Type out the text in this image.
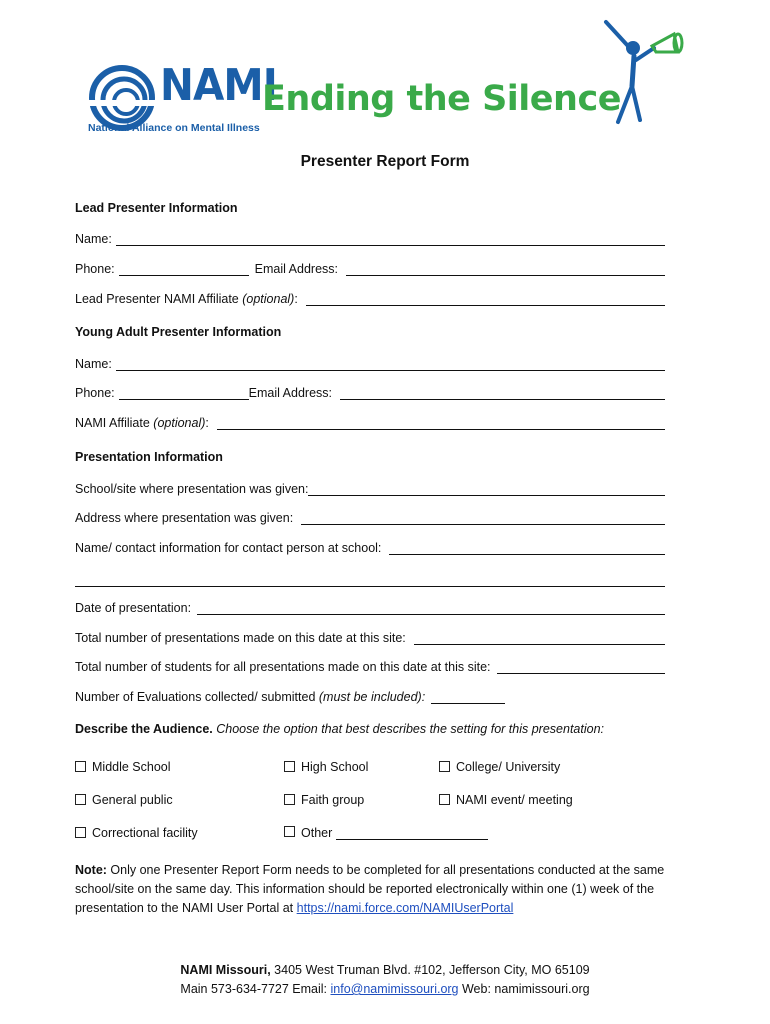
NAMI
Ending the Silence
National Alliance on Mental Illness
Presenter Report Form
Lead Presenter Information
Name:
Phone:	Email Address:
Lead Presenter NAMI Affiliate (optional) :
Young Adult Presenter Information
Name:
Phone:	Email Address:
NAMI Affiliate (optional) :
Presentation Information
School/site where presentation was given:
Address where presentation was given:
Name/ contact information for contact person at school:
Date of presentation:
Total number of presentations made on this date at this site:
Total number of students for all presentations made on this date at this site:
Number of Evaluations collected/ submitted (must be included):
Describe the Audience. Choose the option that best describes the setting for this presentation:
Middle School	High School	College/ University
General public	Faith group	NAMI event/ meeting
Correctional facility	Other
Note: Only one Presenter Report Form needs to be completed for all presentations conducted at the same school/site on the same day. This information should be reported electronically within one (1) week of the presentation to the NAMI User Portal at https://nami.force.com/NAMIUserPortal
NAMI Missouri, 3405 West Truman Blvd. #102, Jefferson City, MO 65109
Main 573-634-7727 Email: info@namimissouri.org Web: namimissouri.org
